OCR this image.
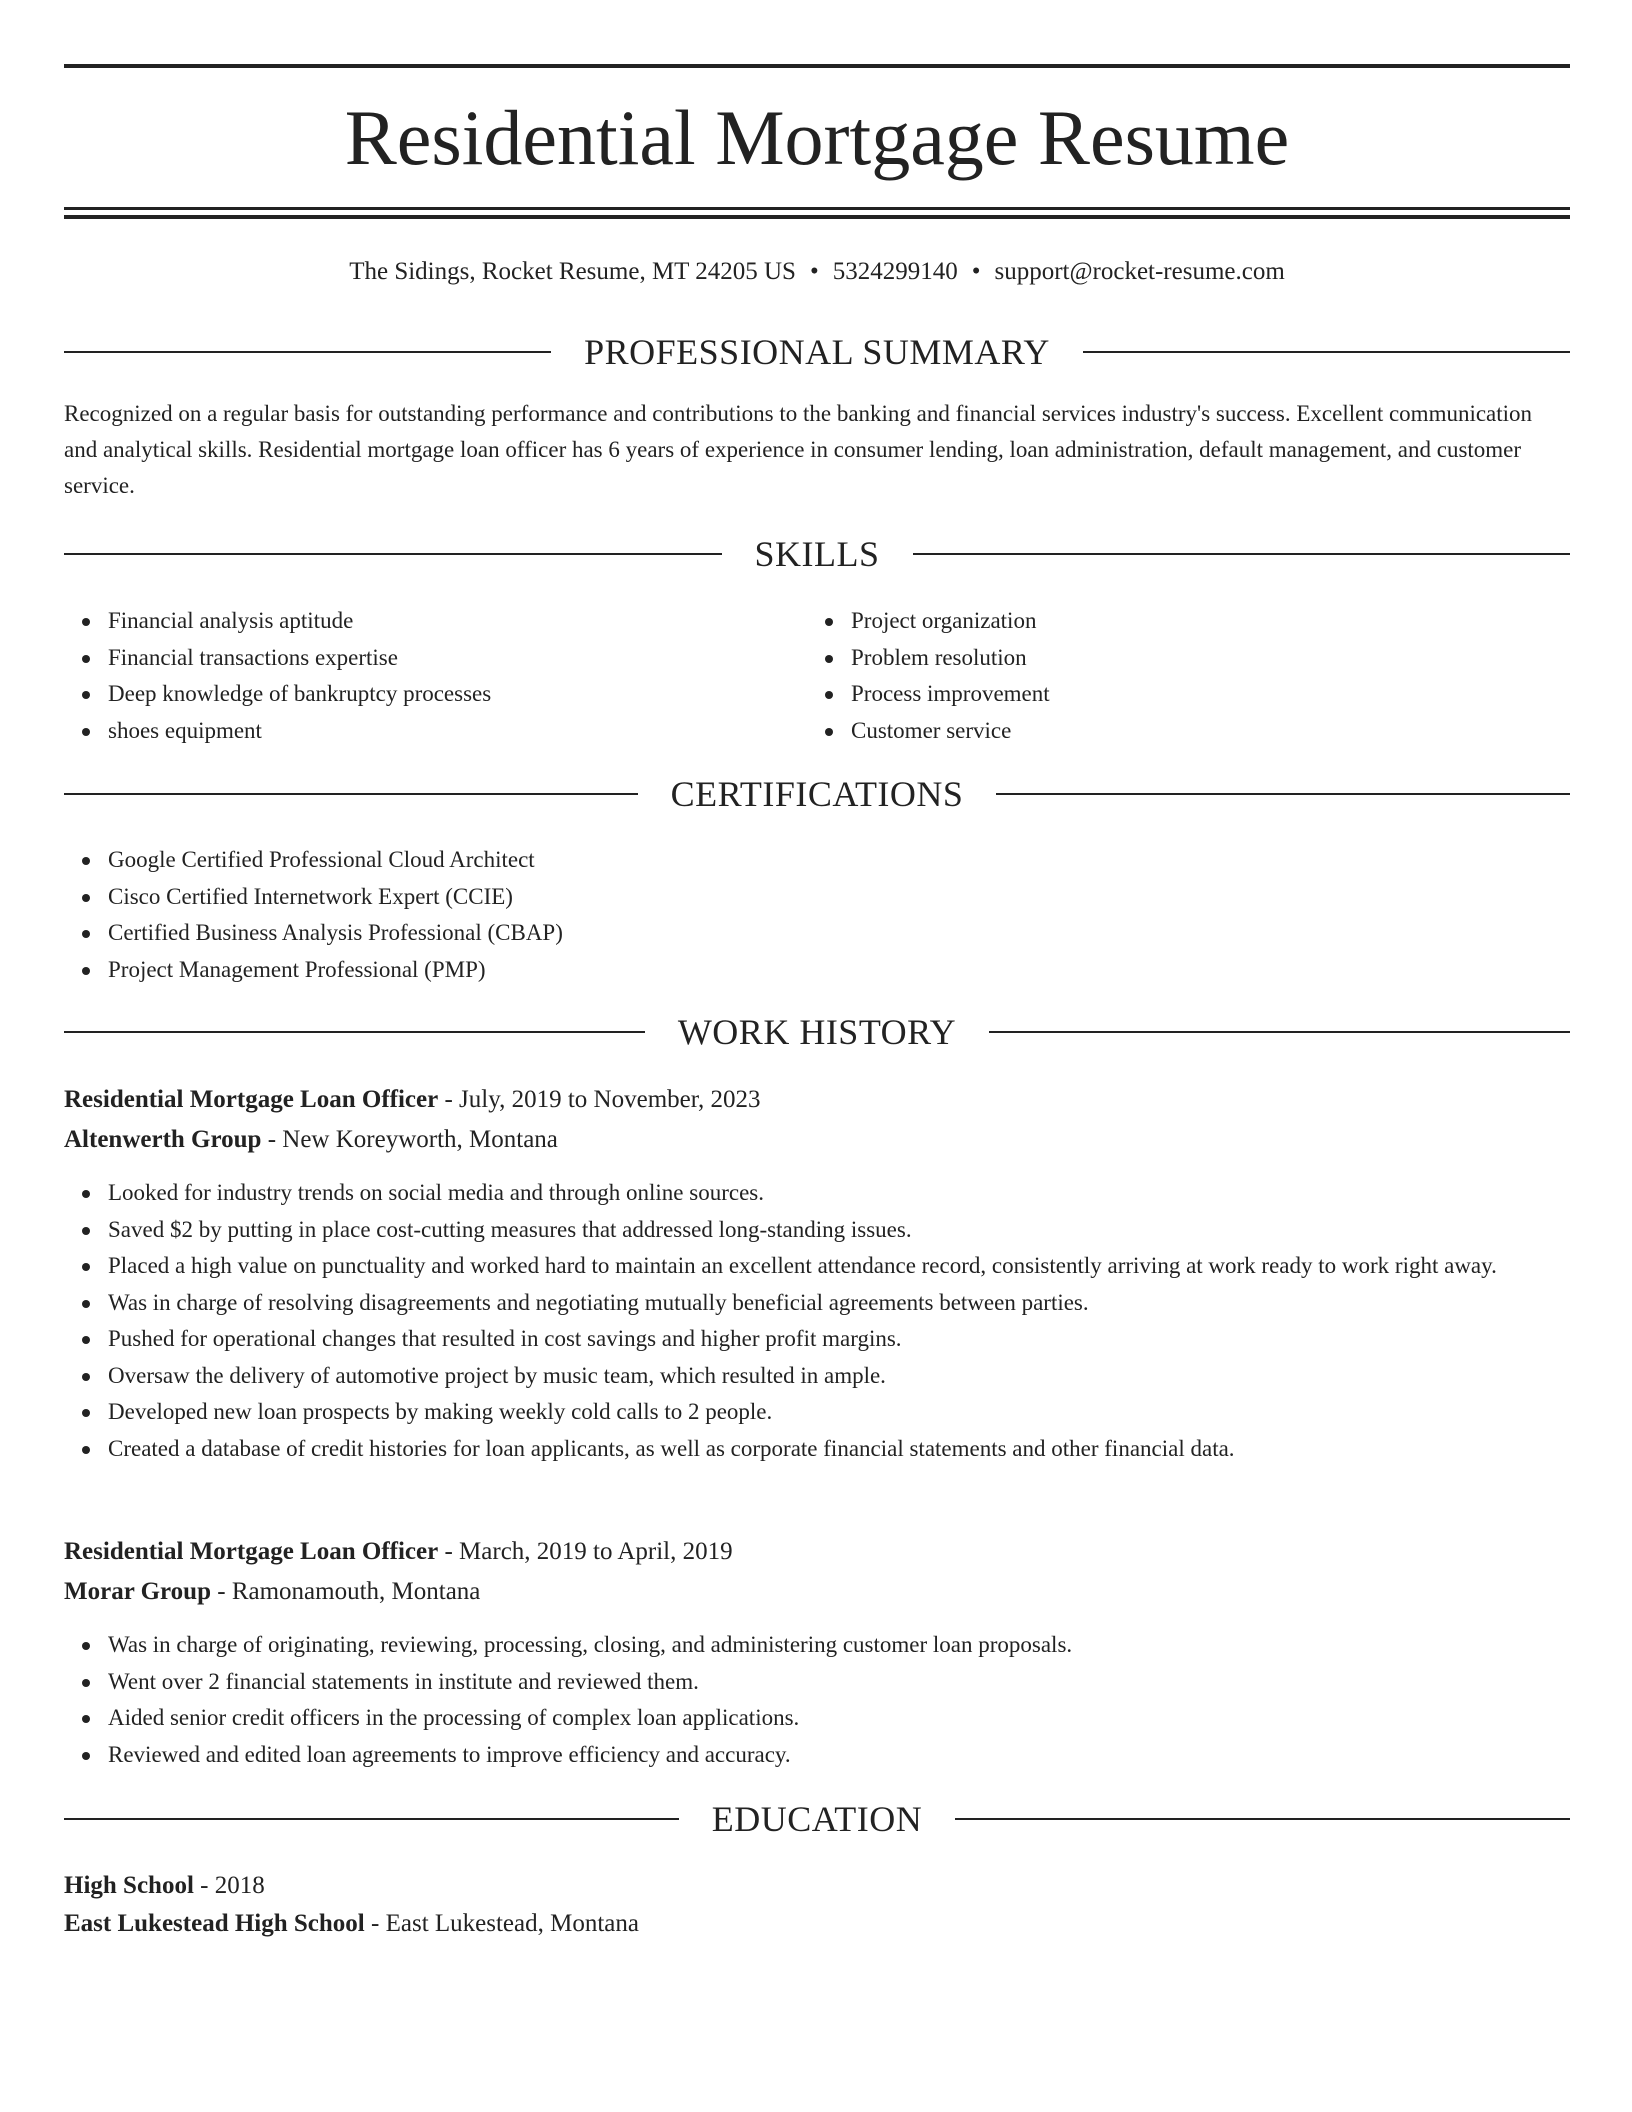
Residential Mortgage Resume
The Sidings, Rocket Resume, MT 24205 US • 5324299140 • support@rocket-resume.com
PROFESSIONAL SUMMARY

Recognized on a regular basis for outstanding performance and contributions to the banking and financial services industry's success. Excellent communication and analytical skills. Residential mortgage loan officer has 6 years of experience in consumer lending, loan administration, default management, and customer service.

SKILLS
Financial analysis aptitude
Financial transactions expertise
Deep knowledge of bankruptcy processes
shoes equipment
Project organization
Problem resolution
Process improvement
Customer service
CERTIFICATIONS
Google Certified Professional Cloud Architect
Cisco Certified Internetwork Expert (CCIE)
Certified Business Analysis Professional (CBAP)
Project Management Professional (PMP)
WORK HISTORY
Residential Mortgage Loan Officer - July, 2019 to November, 2023
Altenwerth Group - New Koreyworth, Montana
Looked for industry trends on social media and through online sources.
Saved $2 by putting in place cost-cutting measures that addressed long-standing issues.
Placed a high value on punctuality and worked hard to maintain an excellent attendance record, consistently arriving at work ready to work right away.
Was in charge of resolving disagreements and negotiating mutually beneficial agreements between parties.
Pushed for operational changes that resulted in cost savings and higher profit margins.
Oversaw the delivery of automotive project by music team, which resulted in ample.
Developed new loan prospects by making weekly cold calls to 2 people.
Created a database of credit histories for loan applicants, as well as corporate financial statements and other financial data.
Residential Mortgage Loan Officer - March, 2019 to April, 2019
Morar Group - Ramonamouth, Montana
Was in charge of originating, reviewing, processing, closing, and administering customer loan proposals.
Went over 2 financial statements in institute and reviewed them.
Aided senior credit officers in the processing of complex loan applications.
Reviewed and edited loan agreements to improve efficiency and accuracy.
EDUCATION
High School - 2018
East Lukestead High School - East Lukestead, Montana
